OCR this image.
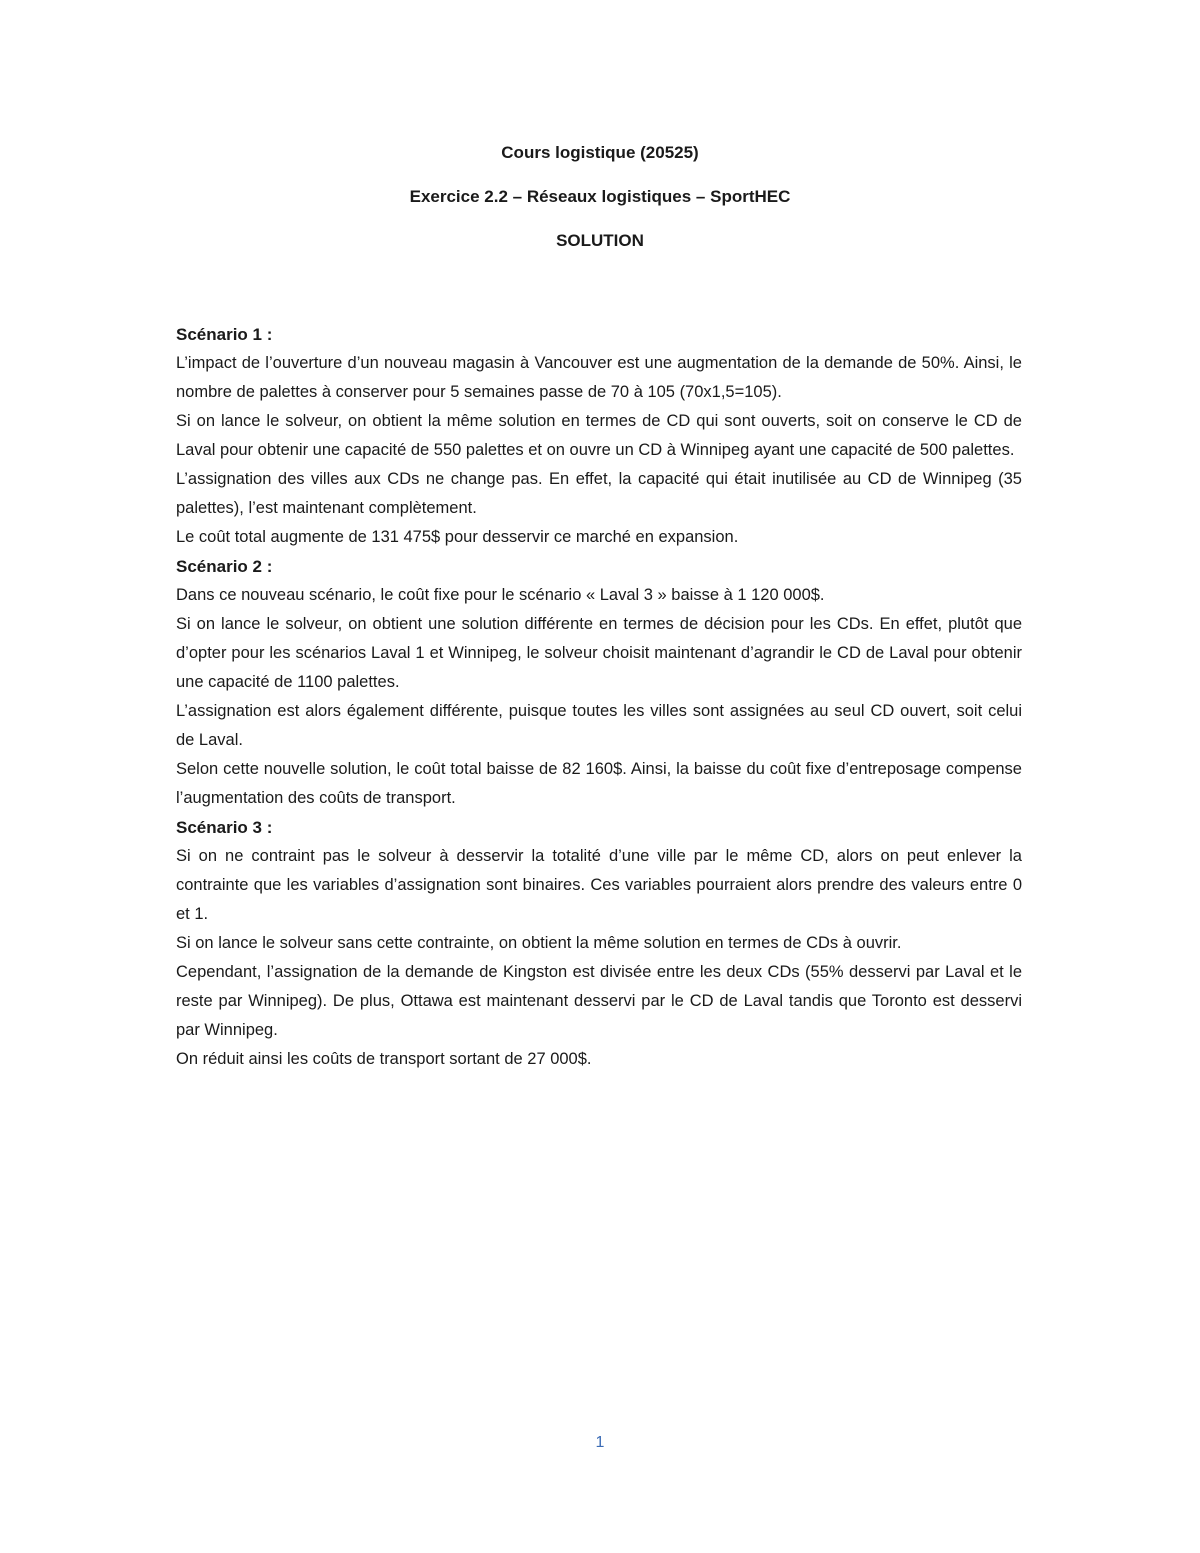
Cours logistique (20525)
Exercice 2.2 – Réseaux logistiques – SportHEC
SOLUTION
Scénario 1 :

L’impact de l’ouverture d’un nouveau magasin à Vancouver est une augmentation de la demande de 50%. Ainsi, le nombre de palettes à conserver pour 5 semaines passe de 70 à 105 (70x1,5=105).

Si on lance le solveur, on obtient la même solution en termes de CD qui sont ouverts, soit on conserve le CD de Laval pour obtenir une capacité de 550 palettes et on ouvre un CD à Winnipeg ayant une capacité de 500 palettes.

L’assignation des villes aux CDs ne change pas. En effet, la capacité qui était inutilisée au CD de Winnipeg (35 palettes), l’est maintenant complètement.

Le coût total augmente de 131 475$ pour desservir ce marché en expansion.

Scénario 2 :

Dans ce nouveau scénario, le coût fixe pour le scénario « Laval 3 » baisse à 1 120 000$.

Si on lance le solveur, on obtient une solution différente en termes de décision pour les CDs. En effet, plutôt que d’opter pour les scénarios Laval 1 et Winnipeg, le solveur choisit maintenant d’agrandir le CD de Laval pour obtenir une capacité de 1100 palettes.

L’assignation est alors également différente, puisque toutes les villes sont assignées au seul CD ouvert, soit celui de Laval.

Selon cette nouvelle solution, le coût total baisse de 82 160$. Ainsi, la baisse du coût fixe d’entreposage compense l’augmentation des coûts de transport.

Scénario 3 :

Si on ne contraint pas le solveur à desservir la totalité d’une ville par le même CD, alors on peut enlever la contrainte que les variables d’assignation sont binaires. Ces variables pourraient alors prendre des valeurs entre 0 et 1.

Si on lance le solveur sans cette contrainte, on obtient la même solution en termes de CDs à ouvrir.

Cependant, l’assignation de la demande de Kingston est divisée entre les deux CDs (55% desservi par Laval et le reste par Winnipeg). De plus, Ottawa est maintenant desservi par le CD de Laval tandis que Toronto est desservi par Winnipeg.

On réduit ainsi les coûts de transport sortant de 27 000$.

1
